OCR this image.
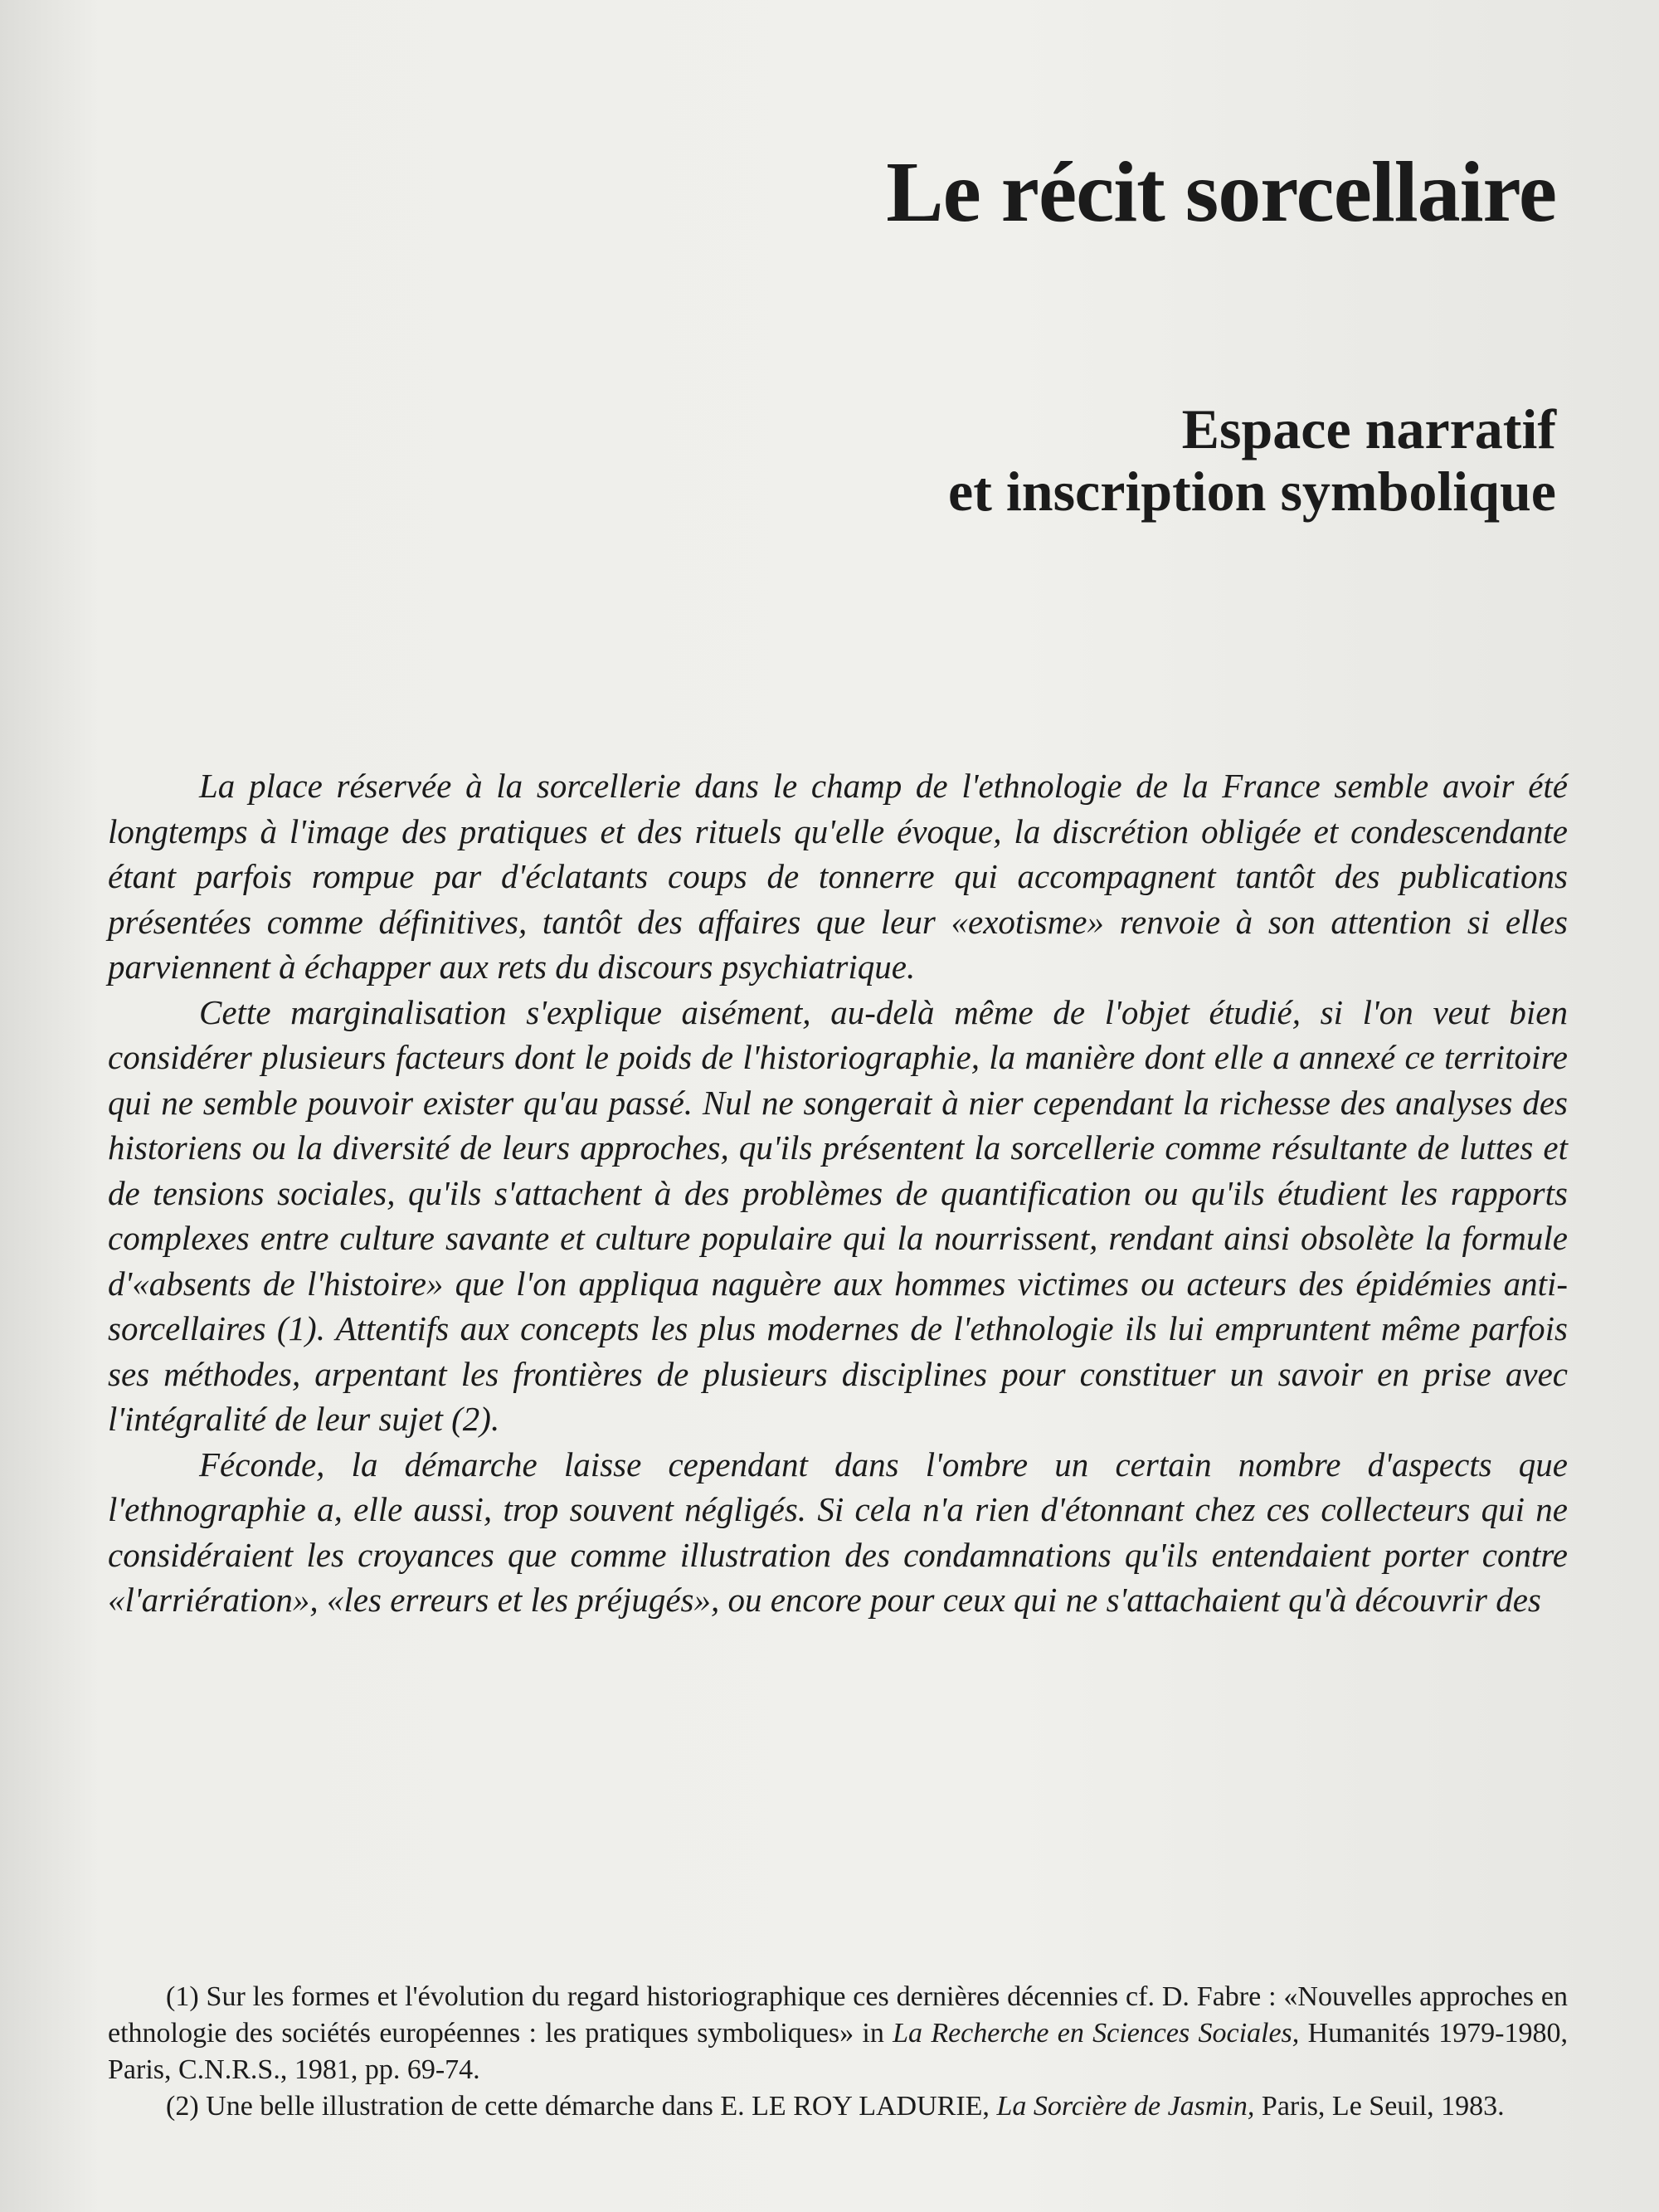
Le récit sorcellaire
Espace narratif
et inscription symbolique

La place réservée à la sorcellerie dans le champ de l'ethnologie de la France semble avoir été longtemps à l'image des pratiques et des rituels qu'elle évoque, la discrétion obligée et condescendante étant parfois rompue par d'éclatants coups de tonnerre qui accompagnent tantôt des publications présentées comme définitives, tantôt des affaires que leur «exotisme» renvoie à son attention si elles parviennent à échapper aux rets du discours psychiatrique.

Cette marginalisation s'explique aisément, au-delà même de l'objet étudié, si l'on veut bien considérer plusieurs facteurs dont le poids de l'historiographie, la manière dont elle a annexé ce territoire qui ne semble pouvoir exister qu'au passé. Nul ne songerait à nier cependant la richesse des analyses des historiens ou la diversité de leurs approches, qu'ils présentent la sorcellerie comme résultante de luttes et de tensions sociales, qu'ils s'attachent à des problèmes de quantification ou qu'ils étudient les rapports complexes entre culture savante et culture populaire qui la nourrissent, rendant ainsi obsolète la formule d'«absents de l'histoire» que l'on appliqua naguère aux hommes victimes ou acteurs des épidémies anti-sorcellaires (1). Attentifs aux concepts les plus modernes de l'ethnologie ils lui empruntent même parfois ses méthodes, arpentant les frontières de plusieurs disciplines pour constituer un savoir en prise avec l'intégralité de leur sujet (2).

Féconde, la démarche laisse cependant dans l'ombre un certain nombre d'aspects que l'ethnographie a, elle aussi, trop souvent négligés. Si cela n'a rien d'étonnant chez ces collecteurs qui ne considéraient les croyances que comme illustration des condamnations qu'ils entendaient porter contre «l'arriération», «les erreurs et les préjugés», ou encore pour ceux qui ne s'attachaient qu'à découvrir des

(1) Sur les formes et l'évolution du regard historiographique ces dernières décennies cf. D. Fabre : «Nouvelles approches en ethnologie des sociétés européennes : les pratiques symboliques» in La Recherche en Sciences Sociales, Humanités 1979-1980, Paris, C.N.R.S., 1981, pp. 69-74.

(2) Une belle illustration de cette démarche dans E. LE ROY LADURIE, La Sorcière de Jasmin, Paris, Le Seuil, 1983.
